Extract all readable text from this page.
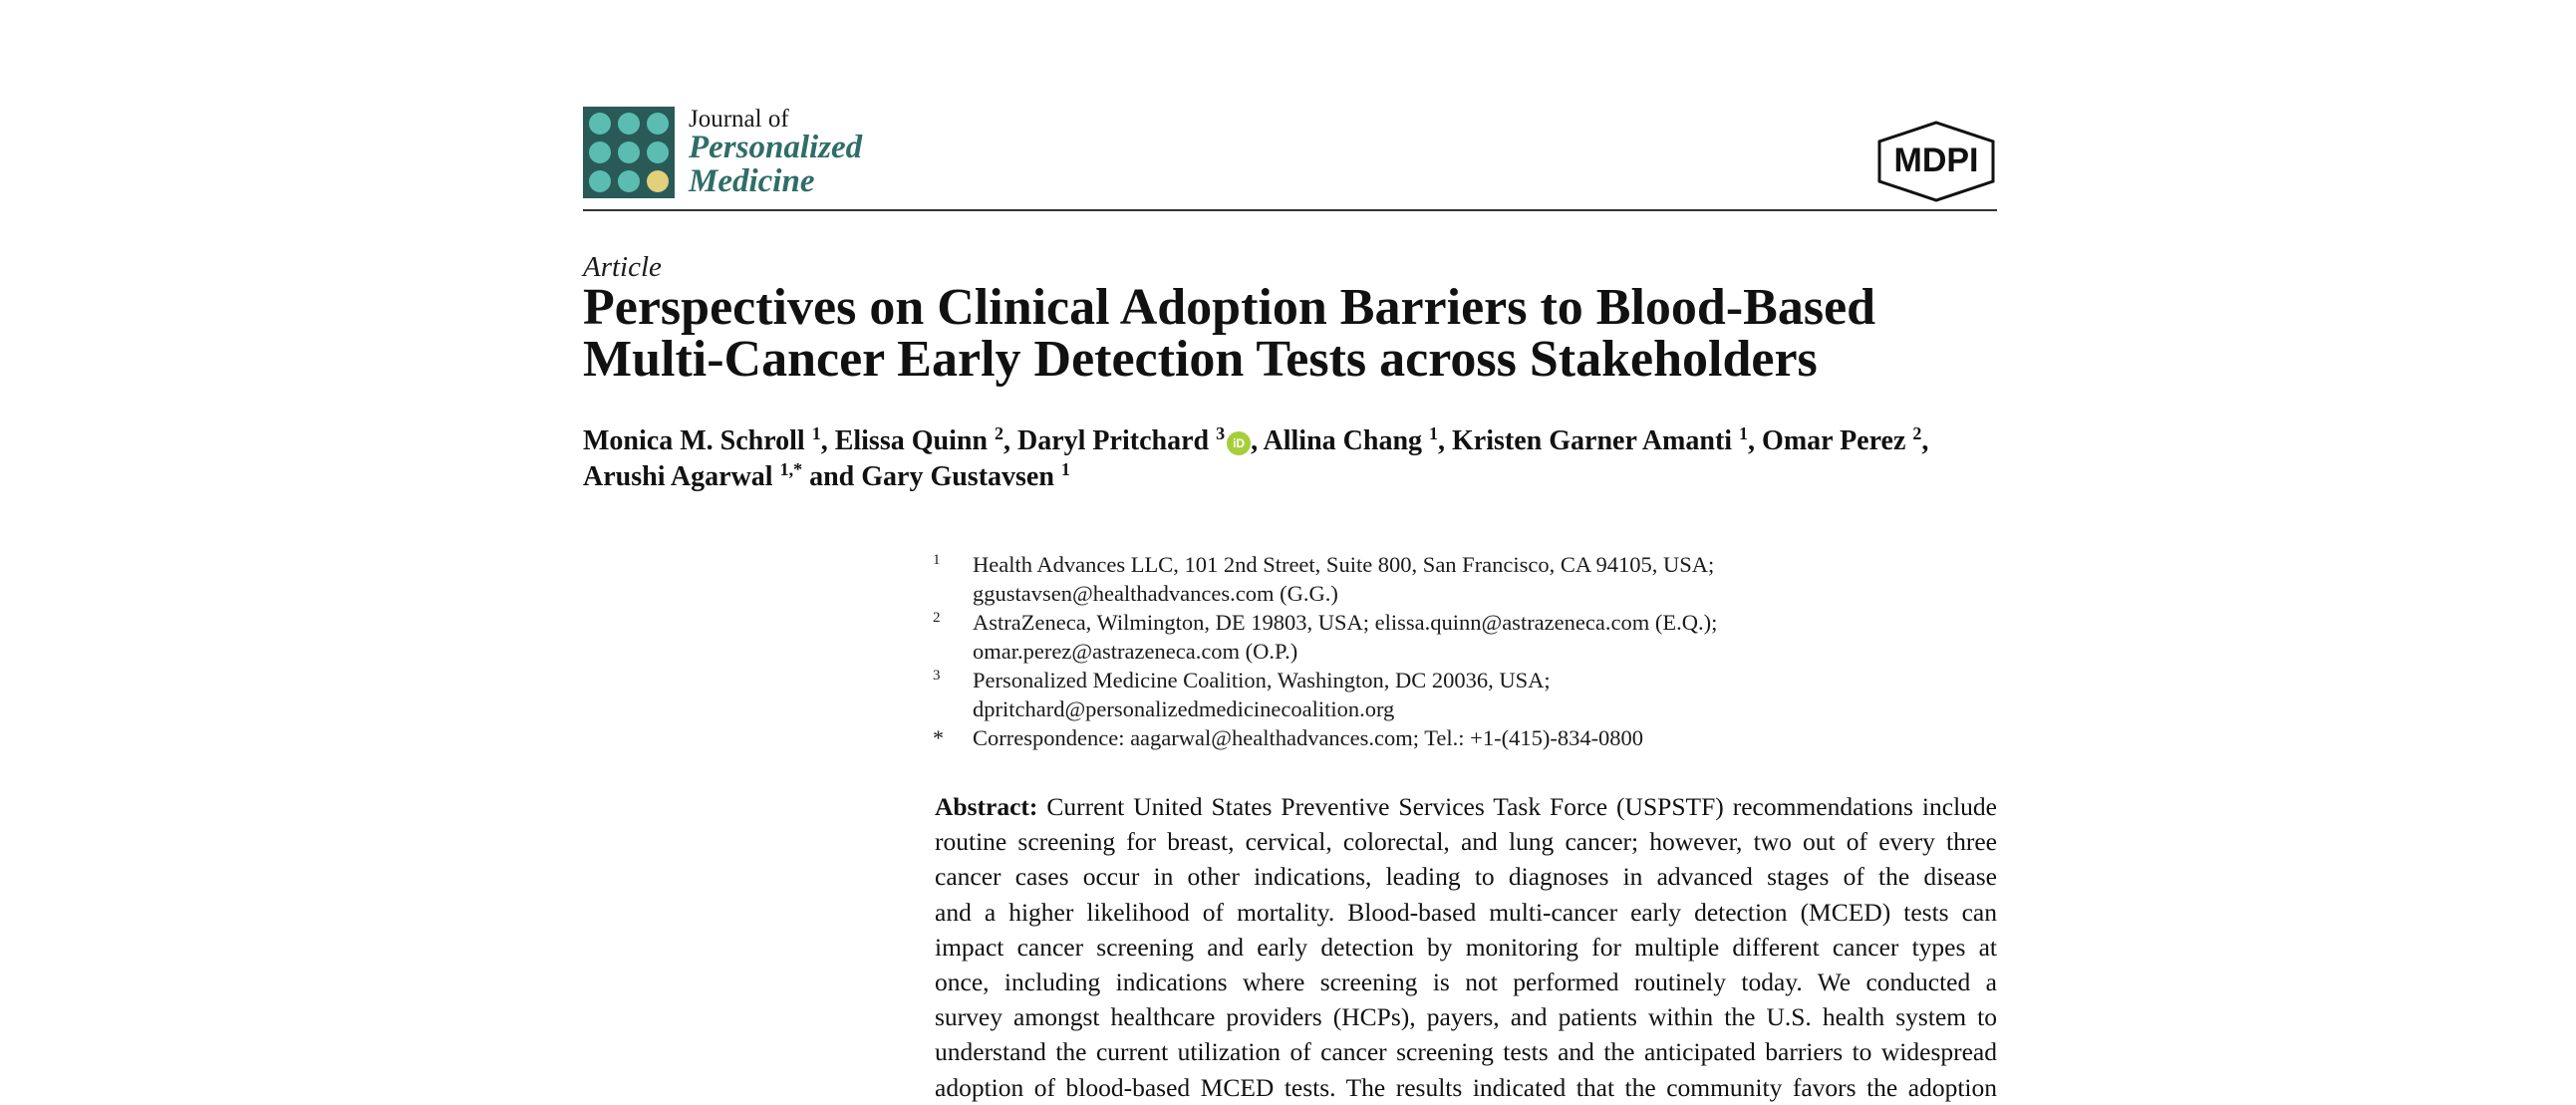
Journal of
Personalized
Medicine
MDPI
Article
Perspectives on Clinical Adoption Barriers to Blood-Based
Multi-Cancer Early Detection Tests across Stakeholders
Monica M. Schroll $^1$, Elissa Quinn $^2$, Daryl Pritchard $^3$ iD , Allina Chang $^1$, Kristen Garner Amanti $^1$, Omar Perez $^2$,
Arushi Agarwal $^{1,*}$ and Gary Gustavsen $^1$
1 Health Advances LLC, 101 2nd Street, Suite 800, San Francisco, CA 94105, USA;
ggustavsen@healthadvances.com (G.G.)
2 AstraZeneca, Wilmington, DE 19803, USA; elissa.quinn@astrazeneca.com (E.Q.);
omar.perez@astrazeneca.com (O.P.)
3 Personalized Medicine Coalition, Washington, DC 20036, USA;
dpritchard@personalizedmedicinecoalition.org
* Correspondence: aagarwal@healthadvances.com; Tel.: +1-(415)-834-0800
Abstract: Current United States Preventive Services Task Force (USPSTF) recommendations include
routine screening for breast, cervical, colorectal, and lung cancer; however, two out of every three
cancer cases occur in other indications, leading to diagnoses in advanced stages of the disease
and a higher likelihood of mortality. Blood-based multi-cancer early detection (MCED) tests can
impact cancer screening and early detection by monitoring for multiple different cancer types at
once, including indications where screening is not performed routinely today. We conducted a
survey amongst healthcare providers (HCPs), payers, and patients within the U.S. health system to
understand the current utilization of cancer screening tests and the anticipated barriers to widespread
adoption of blood-based MCED tests. The results indicated that the community favors the adoption
